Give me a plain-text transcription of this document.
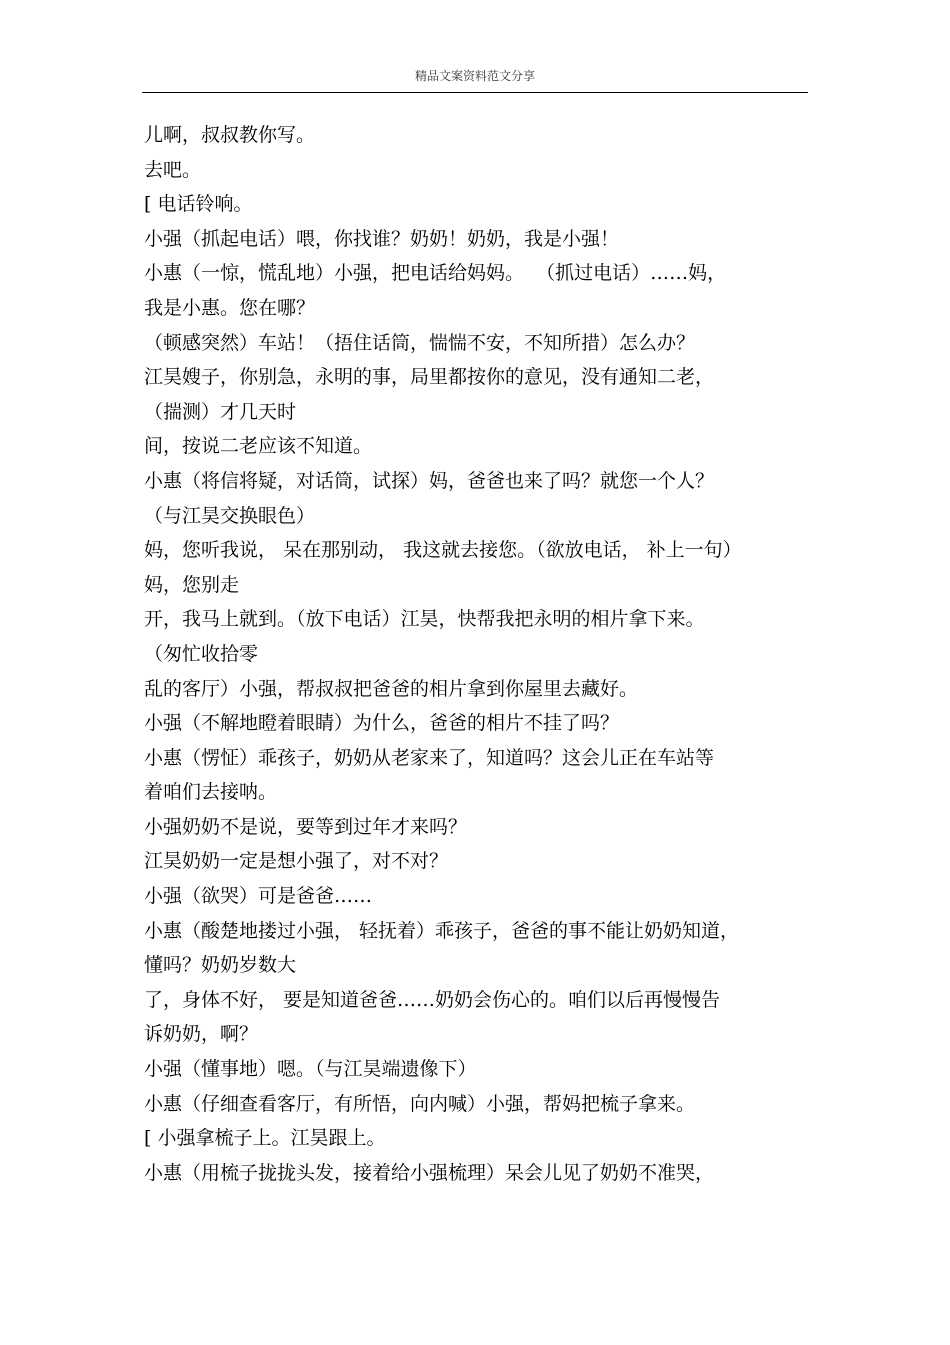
精品文案资料范文分享
儿啊，叔叔教你写。
去吧。
[ 电话铃响。
小强（抓起电话）喂，你找谁？奶奶！奶奶，我是小强！
小惠（一惊，慌乱地）小强，把电话给妈妈。  （抓过电话）……妈，
我是小惠。您在哪？
（顿感突然）车站！（捂住话筒，惴惴不安，不知所措）怎么办？
江昊嫂子，你别急，永明的事，局里都按你的意见，没有通知二老，
（揣测）才几天时
间，按说二老应该不知道。
小惠（将信将疑，对话筒，试探）妈，爸爸也来了吗？就您一个人？
（与江昊交换眼色）
妈，您听我说， 呆在那别动， 我这就去接您。（欲放电话， 补上一句）
妈，您别走
开，我马上就到。（放下电话）江昊，快帮我把永明的相片拿下来。
（匆忙收拾零
乱的客厅）小强，帮叔叔把爸爸的相片拿到你屋里去藏好。
小强（不解地瞪着眼睛）为什么，爸爸的相片不挂了吗？
小惠（愣怔）乖孩子，奶奶从老家来了，知道吗？这会儿正在车站等
着咱们去接呐。
小强奶奶不是说，要等到过年才来吗？
江昊奶奶一定是想小强了，对不对？
小强（欲哭）可是爸爸……
小惠（酸楚地搂过小强， 轻抚着）乖孩子，爸爸的事不能让奶奶知道，
懂吗？奶奶岁数大
了，身体不好， 要是知道爸爸……奶奶会伤心的。咱们以后再慢慢告
诉奶奶，啊？
小强（懂事地）嗯。（与江昊端遗像下）
小惠（仔细查看客厅，有所悟，向内喊）小强，帮妈把梳子拿来。
[ 小强拿梳子上。江昊跟上。
小惠（用梳子拢拢头发，接着给小强梳理）呆会儿见了奶奶不准哭，
